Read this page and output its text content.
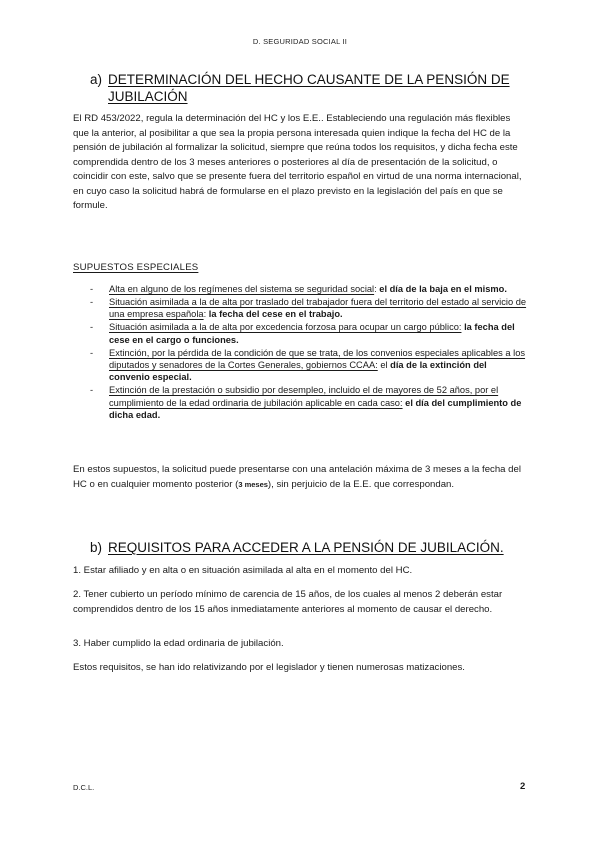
D. SEGURIDAD SOCIAL II
a) DETERMINACIÓN DEL HECHO CAUSANTE DE LA PENSIÓN DE JUBILACIÓN
El RD 453/2022, regula la determinación del HC y los E.E.. Estableciendo una regulación más flexibles que la anterior, al posibilitar a que sea la propia persona interesada quien indique la fecha del HC de la pensión de jubilación al formalizar la solicitud, siempre que reúna todos los requisitos, y dicha fecha este comprendida dentro de los 3 meses anteriores o posteriores al día de presentación de la solicitud, o coincidir con este, salvo que se presente fuera del territorio español en virtud de una norma internacional, en cuyo caso la solicitud habrá de formularse en el plazo previsto en la legislación del país en que se formule.
SUPUESTOS ESPECIALES
- Alta en alguno de los regímenes del sistema se seguridad social: el día de la baja en el mismo.
- Situación asimilada a la de alta por traslado del trabajador fuera del territorio del estado al servicio de una empresa española: la fecha del cese en el trabajo.
- Situación asimilada a la de alta por excedencia forzosa para ocupar un cargo público: la fecha del cese en el cargo o funciones.
- Extinción, por la pérdida de la condición de que se trata, de los convenios especiales aplicables a los diputados y senadores de la Cortes Generales, gobiernos CCAA: el día de la extinción del convenio especial.
- Extinción de la prestación o subsidio por desempleo, incluido el de mayores de 52 años, por el cumplimiento de la edad ordinaria de jubilación aplicable en cada caso: el día del cumplimiento de dicha edad.
En estos supuestos, la solicitud puede presentarse con una antelación máxima de 3 meses a la fecha del HC o en cualquier momento posterior (3 meses), sin perjuicio de la E.E. que correspondan.
b) REQUISITOS PARA ACCEDER A LA PENSIÓN DE JUBILACIÓN.
1. Estar afiliado y en alta o en situación asimilada al alta en el momento del HC.
2. Tener cubierto un período mínimo de carencia de 15 años, de los cuales al menos 2 deberán estar comprendidos dentro de los 15 años inmediatamente anteriores al momento de causar el derecho.
3. Haber cumplido la edad ordinaria de jubilación.
Estos requisitos, se han ido relativizando por el legislador y tienen numerosas matizaciones.
D.C.L.	2
